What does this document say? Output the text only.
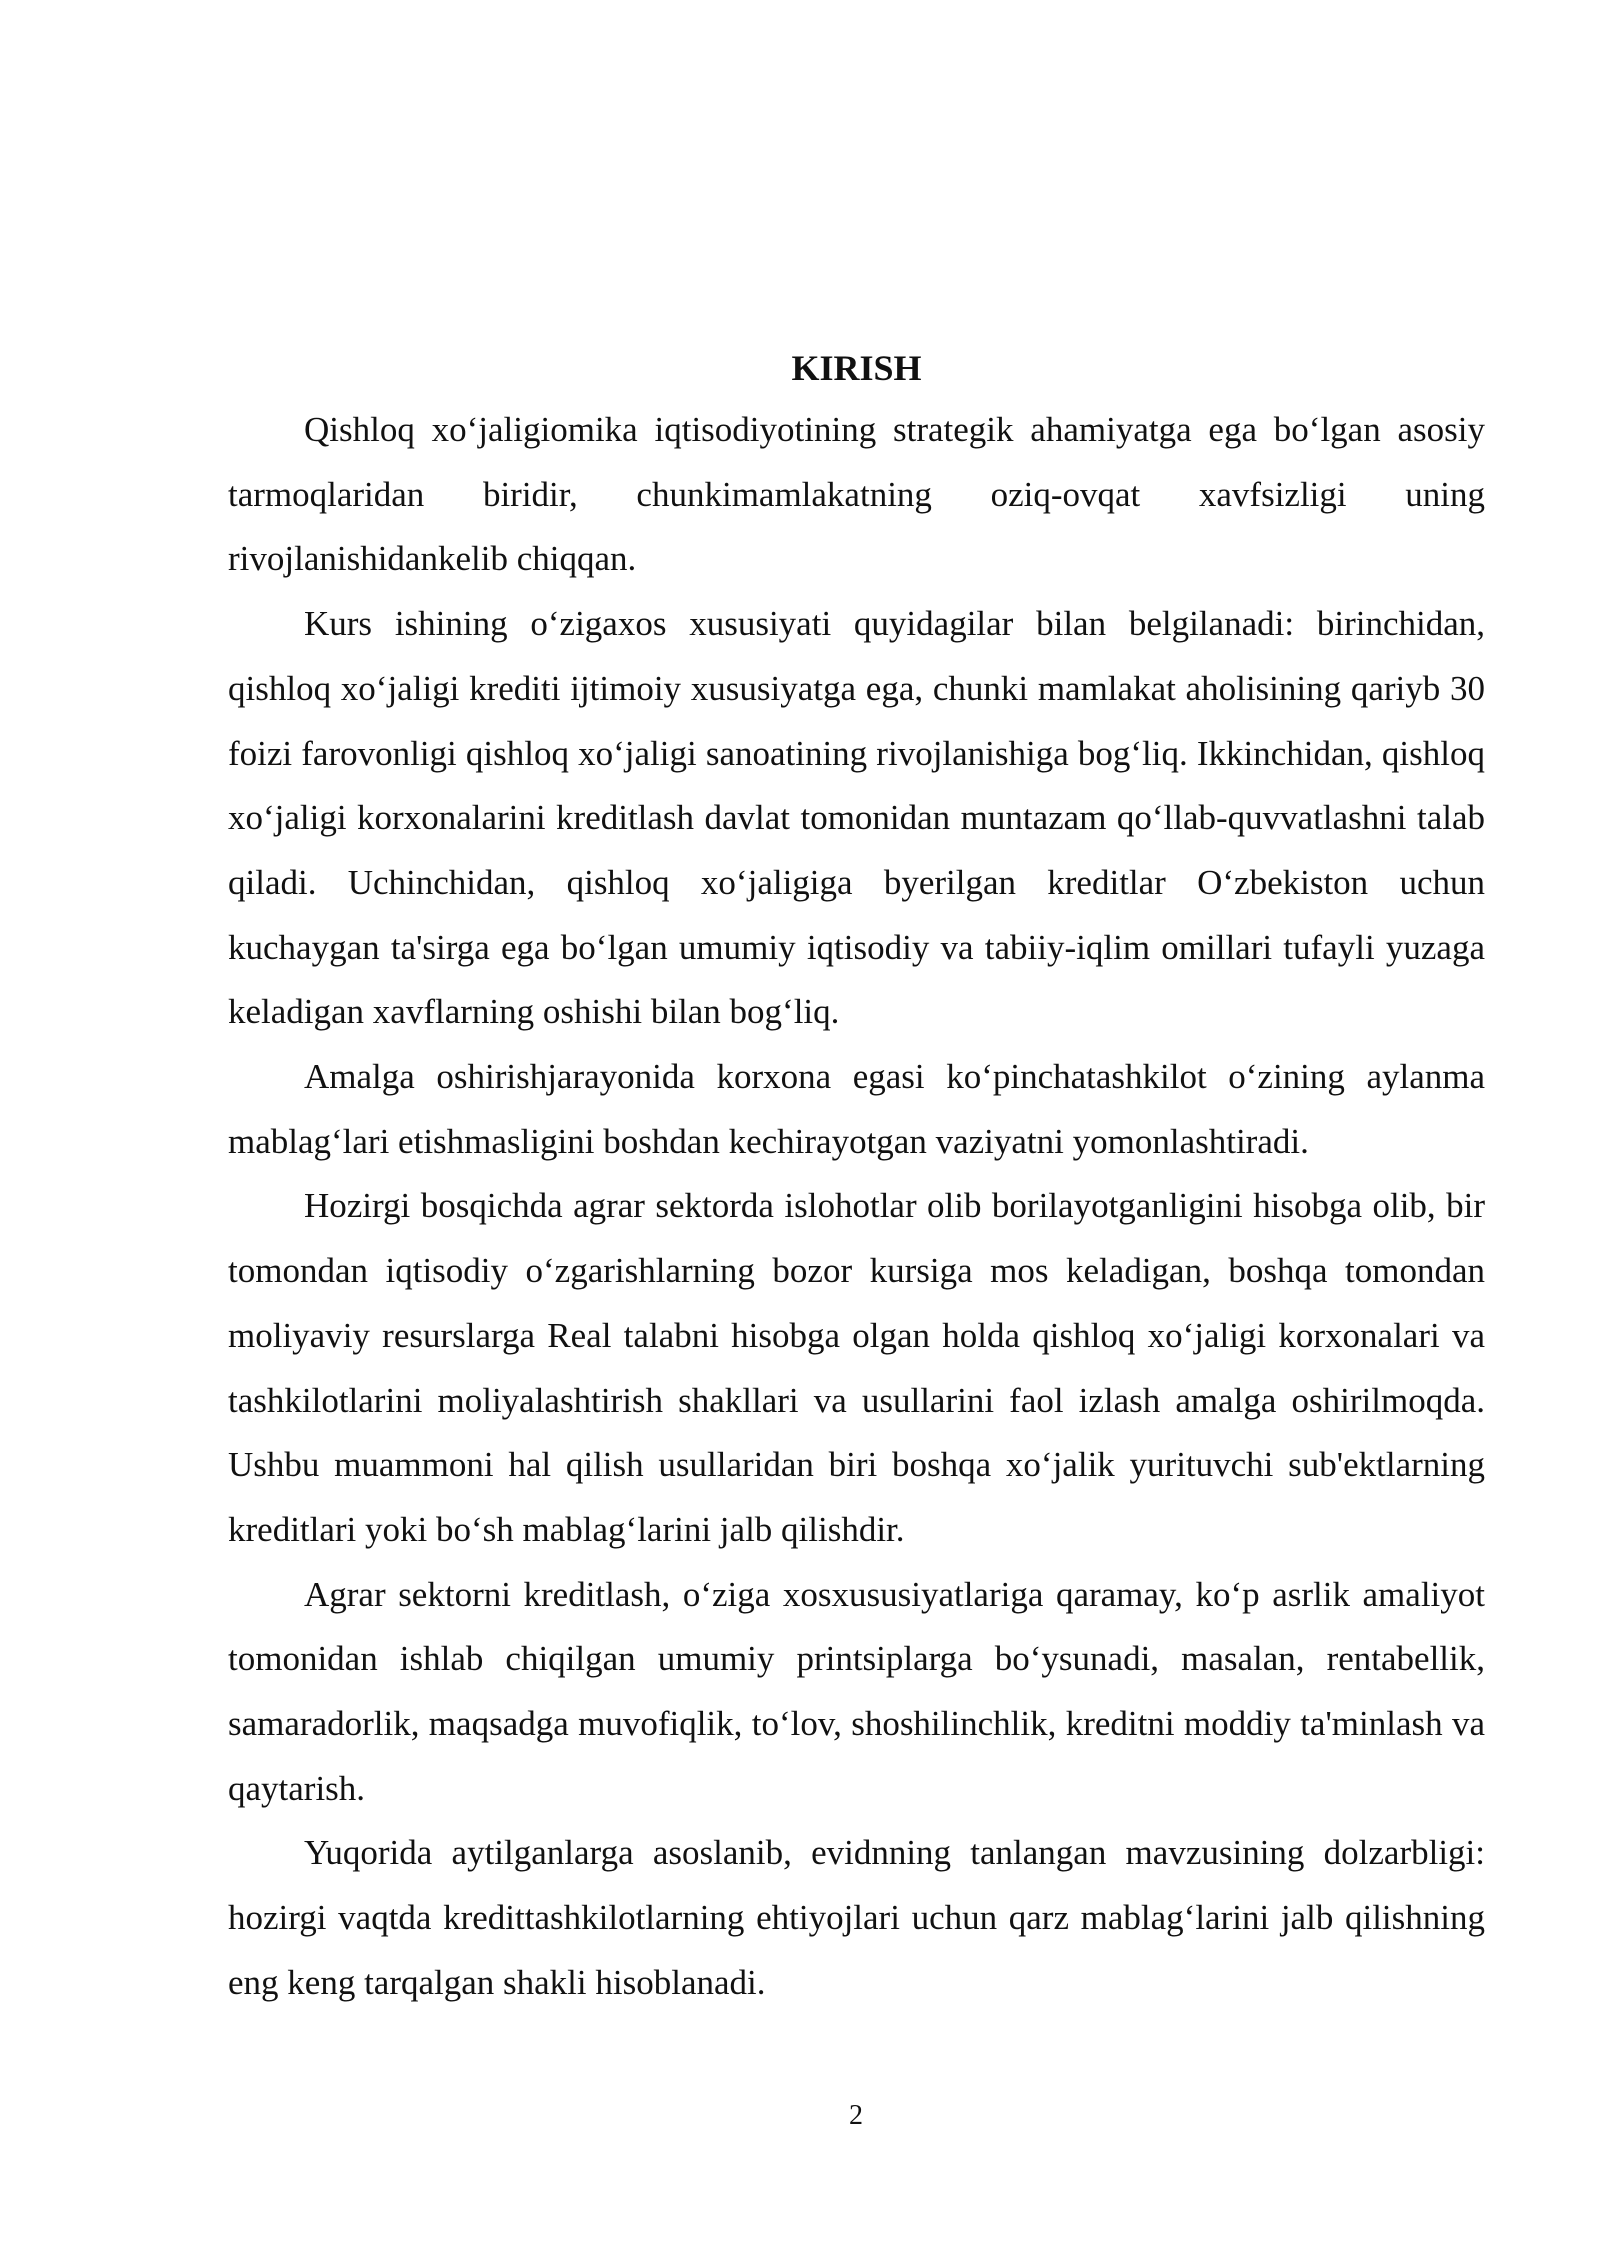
KIRISH

Qishloq xo‘jaligiomika iqtisodiyotining strategik ahamiyatga ega bo‘lgan asosiy tarmoqlaridan biridir, chunkimamlakatning oziq-ovqat xavfsizligi uning rivojlanishidankelib chiqqan.

Kurs ishining o‘zigaxos xususiyati quyidagilar bilan belgilanadi: birinchidan, qishloq xo‘jaligi krediti ijtimoiy xususiyatga ega, chunki mamlakat aholisining qariyb 30 foizi farovonligi qishloq xo‘jaligi sanoatining rivojlanishiga bog‘liq. Ikkinchidan, qishloq xo‘jaligi korxonalarini kreditlash davlat tomonidan muntazam qo‘llab-quvvatlashni talab qiladi. Uchinchidan, qishloq xo‘jaligiga byerilgan kreditlar O‘zbekiston uchun kuchaygan ta'sirga ega bo‘lgan umumiy iqtisodiy va tabiiy-iqlim omillari tufayli yuzaga keladigan xavflarning oshishi bilan bog‘liq.

Amalga oshirishjarayonida korxona egasi ko‘pinchatashkilot o‘zining aylanma mablag‘lari etishmasligini boshdan kechirayotgan vaziyatni yomonlashtiradi.

Hozirgi bosqichda agrar sektorda islohotlar olib borilayotganligini hisobga olib, bir tomondan iqtisodiy o‘zgarishlarning bozor kursiga mos keladigan, boshqa tomondan moliyaviy resurslarga Real talabni hisobga olgan holda qishloq xo‘jaligi korxonalari va tashkilotlarini moliyalashtirish shakllari va usullarini faol izlash amalga oshirilmoqda. Ushbu muammoni hal qilish usullaridan biri boshqa xo‘jalik yurituvchi sub'ektlarning kreditlari yoki bo‘sh mablag‘larini jalb qilishdir.

Agrar sektorni kreditlash, o‘ziga xosxususiyatlariga qaramay, ko‘p asrlik amaliyot tomonidan ishlab chiqilgan umumiy printsiplarga bo‘ysunadi, masalan, rentabellik, samaradorlik, maqsadga muvofiqlik, to‘lov, shoshilinchlik, kreditni moddiy ta'minlash va qaytarish.

Yuqorida aytilganlarga asoslanib, evidnning tanlangan mavzusining dolzarbligi: hozirgi vaqtda kredittashkilotlarning ehtiyojlari uchun qarz mablag‘larini jalb qilishning eng keng tarqalgan shakli hisoblanadi.

2
